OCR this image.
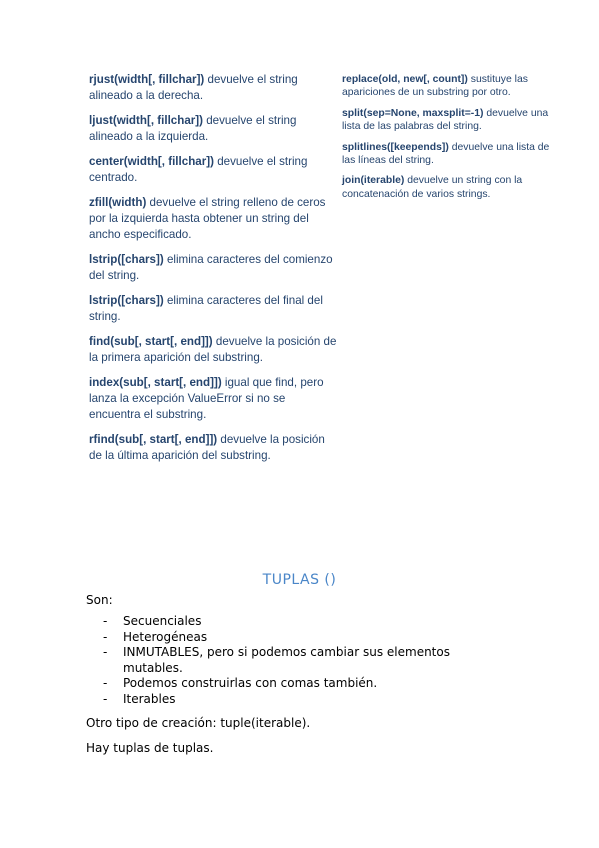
rjust(width[, fillchar]) devuelve el string alineado a la derecha.

ljust(width[, fillchar]) devuelve el string alineado a la izquierda.

center(width[, fillchar]) devuelve el string centrado.

zfill(width) devuelve el string relleno de ceros por la izquierda hasta obtener un string del ancho especificado.

lstrip([chars]) elimina caracteres del comienzo del string.

lstrip([chars]) elimina caracteres del final del string.

find(sub[, start[, end]]) devuelve la posición de la primera aparición del substring.

index(sub[, start[, end]]) igual que find, pero lanza la excepción ValueError si no se encuentra el substring.

rfind(sub[, start[, end]]) devuelve la posición de la última aparición del substring.

replace(old, new[, count]) sustituye las apariciones de un substring por otro.

split(sep=None, maxsplit=-1) devuelve una lista de las palabras del string.

splitlines([keepends]) devuelve una lista de las líneas del string.

join(iterable) devuelve un string con la concatenación de varios strings.

TUPLAS ()
Son:
- Secuenciales
- Heterogéneas
- INMUTABLES, pero si podemos cambiar sus elementos mutables.
- Podemos construirlas con comas también.
- Iterables
Otro tipo de creación: tuple(iterable).
Hay tuplas de tuplas.
